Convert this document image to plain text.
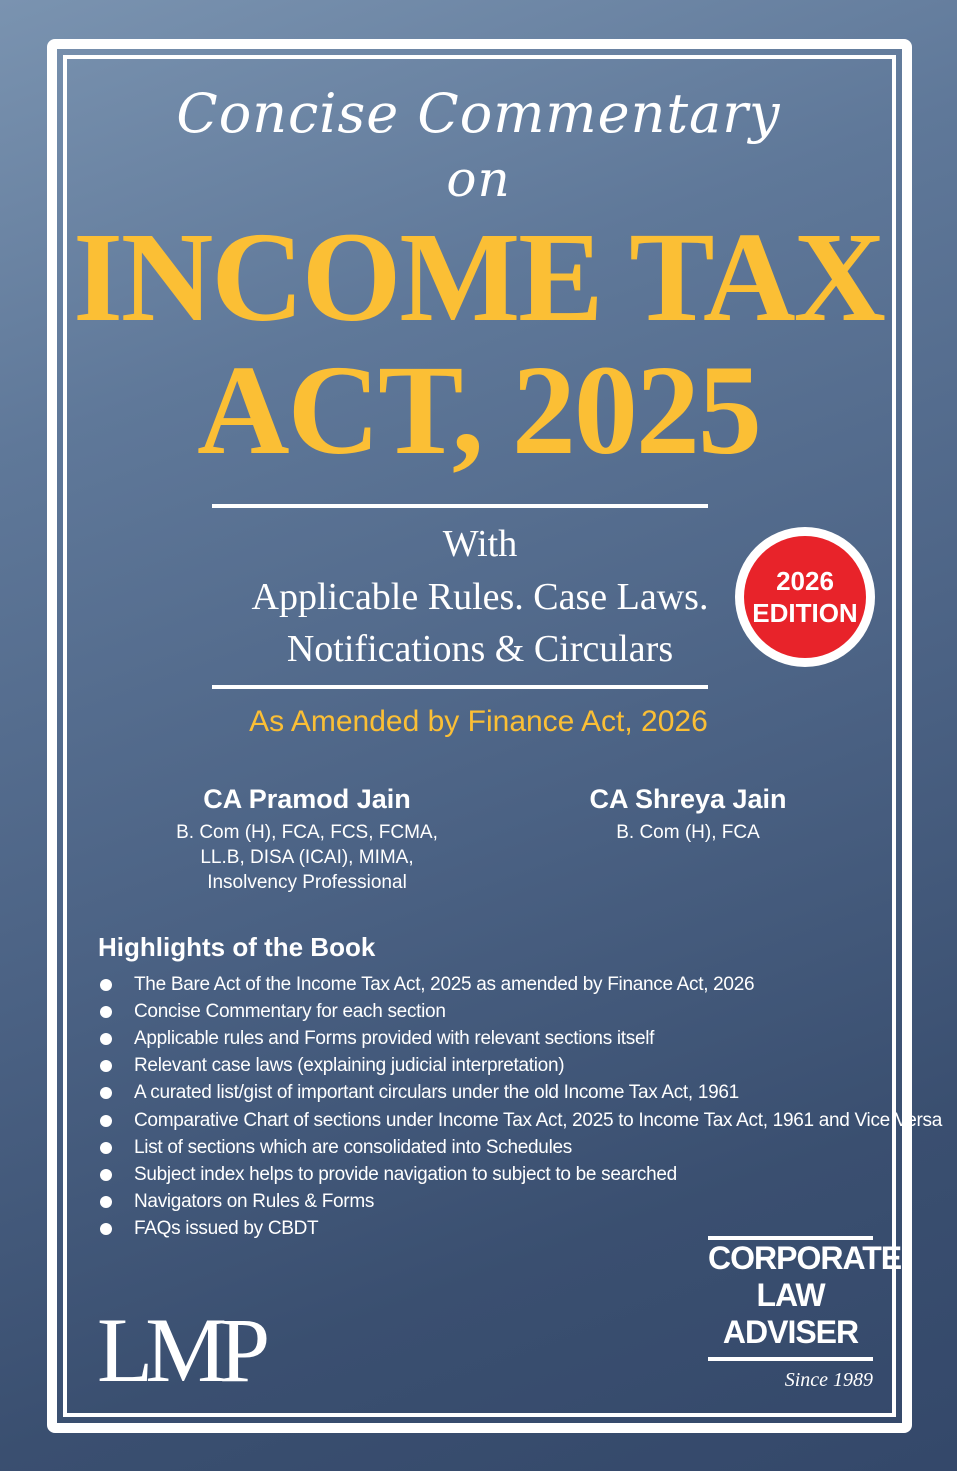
Concise Commentary
on
INCOME TAX
ACT, 2025
With
Applicable Rules. Case Laws.
Notifications & Circulars
2026
EDITION
As Amended by Finance Act, 2026
CA Pramod Jain
B. Com (H), FCA, FCS, FCMA,
LL.B, DISA (ICAI), MIMA,
Insolvency Professional
CA Shreya Jain
B. Com (H), FCA
Highlights of the Book
The Bare Act of the Income Tax Act, 2025 as amended by Finance Act, 2026
Concise Commentary for each section
Applicable rules and Forms provided with relevant sections itself
Relevant case laws (explaining judicial interpretation)
A curated list/gist of important circulars under the old Income Tax Act, 1961
Comparative Chart of sections under Income Tax Act, 2025 to Income Tax Act, 1961 and Vice Versa
List of sections which are consolidated into Schedules
Subject index helps to provide navigation to subject to be searched
Navigators on Rules & Forms
FAQs issued by CBDT
LMP
CORPORATE
LAW
ADVISER
Since 1989
